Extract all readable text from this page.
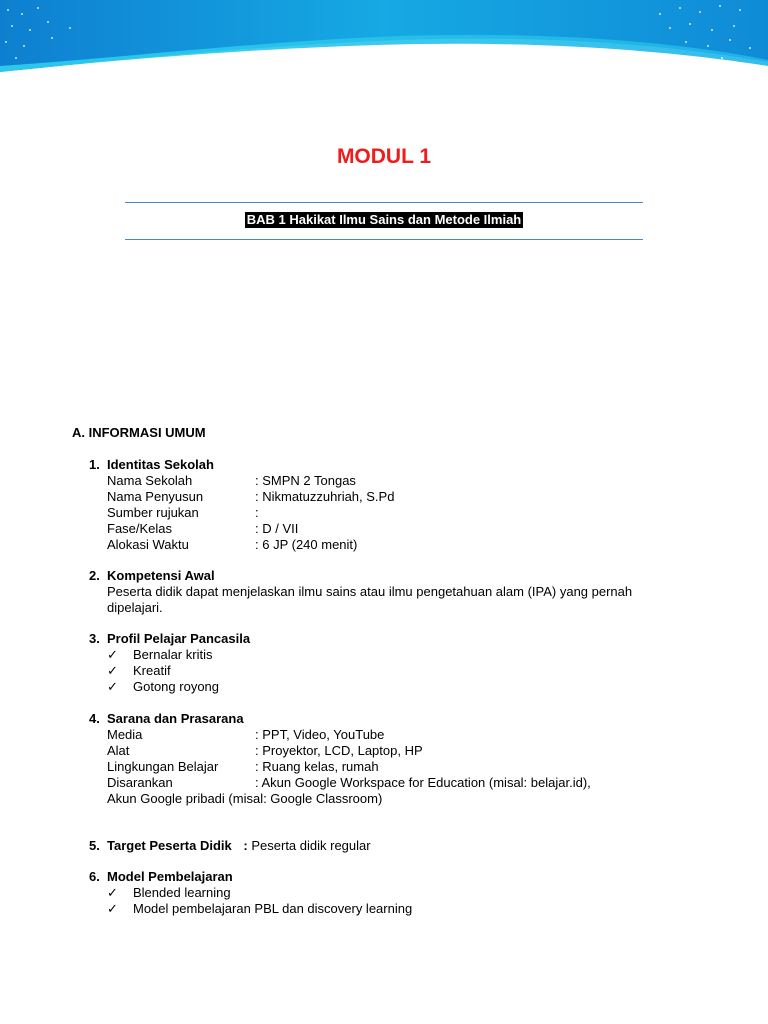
MODUL 1
BAB 1 Hakikat Ilmu Sains dan Metode Ilmiah
A. INFORMASI UMUM
1. Identitas Sekolah
Nama Sekolah	: SMPN 2 Tongas
Nama Penyusun	: Nikmatuzzuhriah, S.Pd
Sumber rujukan	:
Fase/Kelas	: D / VII
Alokasi Waktu	: 6 JP (240 menit)
2. Kompetensi Awal
Peserta didik dapat menjelaskan ilmu sains atau ilmu pengetahuan alam (IPA) yang pernah
dipelajari.
3. Profil Pelajar Pancasila
✓ Bernalar kritis
✓ Kreatif
✓ Gotong royong
4. Sarana dan Prasarana
Media	: PPT, Video, YouTube
Alat	: Proyektor, LCD, Laptop, HP
Lingkungan Belajar	: Ruang kelas, rumah
Disarankan	: Akun Google Workspace for Education (misal: belajar.id),
Akun Google pribadi (misal: Google Classroom)
5. Target Peserta Didik : Peserta didik regular
6. Model Pembelajaran
✓ Blended learning
✓ Model pembelajaran PBL dan discovery learning
